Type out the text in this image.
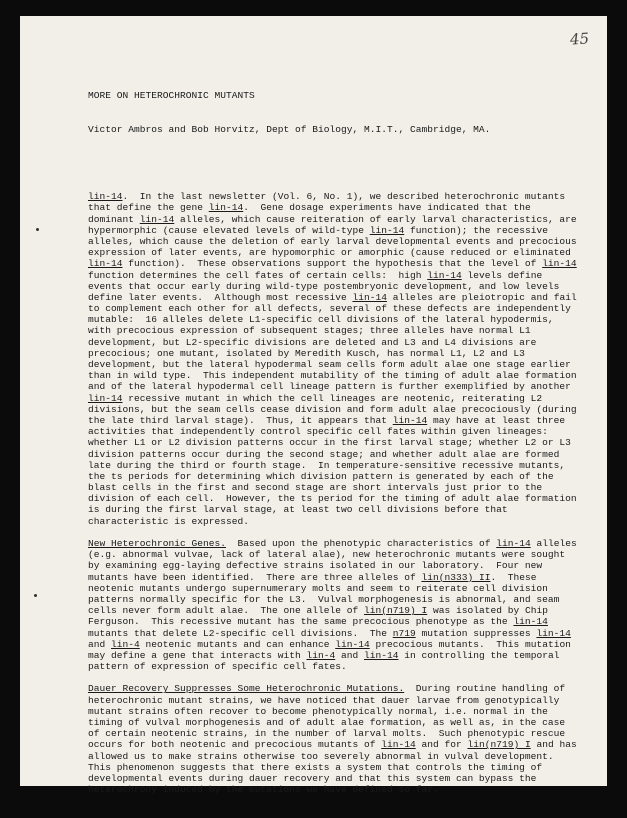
45

MORE ON HETEROCHRONIC MUTANTS

Victor Ambros and Bob Horvitz, Dept of Biology, M.I.T., Cambridge, MA.

lin-14.  In the last newsletter (Vol. 6, No. 1), we described heterochronic mutants
that define the gene lin-14.  Gene dosage experiments have indicated that the
dominant lin-14 alleles, which cause reiteration of early larval characteristics, are
hypermorphic (cause elevated levels of wild-type lin-14 function); the recessive
alleles, which cause the deletion of early larval developmental events and precocious
expression of later events, are hypomorphic or amorphic (cause reduced or eliminated
lin-14 function).  These observations support the hypothesis that the level of lin-14
function determines the cell fates of certain cells:  high lin-14 levels define
events that occur early during wild-type postembryonic development, and low levels
define later events.  Although most recessive lin-14 alleles are pleiotropic and fail
to complement each other for all defects, several of these defects are independently
mutable:  16 alleles delete L1-specific cell divisions of the lateral hypodermis,
with precocious expression of subsequent stages; three alleles have normal L1
development, but L2-specific divisions are deleted and L3 and L4 divisions are
precocious; one mutant, isolated by Meredith Kusch, has normal L1, L2 and L3
development, but the lateral hypodermal seam cells form adult alae one stage earlier
than in wild type.  This independent mutability of the timing of adult alae formation
and of the lateral hypodermal cell lineage pattern is further exemplified by another
lin-14 recessive mutant in which the cell lineages are neotenic, reiterating L2
divisions, but the seam cells cease division and form adult alae precociously (during
the late third larval stage).  Thus, it appears that lin-14 may have at least three
activities that independently control specific cell fates within given lineages:
whether L1 or L2 division patterns occur in the first larval stage; whether L2 or L3
division patterns occur during the second stage; and whether adult alae are formed
late during the third or fourth stage.  In temperature-sensitive recessive mutants,
the ts periods for determining which division pattern is generated by each of the
blast cells in the first and second stage are short intervals just prior to the
division of each cell.  However, the ts period for the timing of adult alae formation
is during the first larval stage, at least two cell divisions before that
characteristic is expressed.
New Heterochronic Genes.  Based upon the phenotypic characteristics of lin-14 alleles
(e.g. abnormal vulvae, lack of lateral alae), new heterochronic mutants were sought
by examining egg-laying defective strains isolated in our laboratory.  Four new
mutants have been identified.  There are three alleles of lin(n333) II.  These
neotenic mutants undergo supernumerary molts and seem to reiterate cell division
patterns normally specific for the L3.  Vulval morphogenesis is abnormal, and seam
cells never form adult alae.  The one allele of lin(n719) I was isolated by Chip
Ferguson.  This recessive mutant has the same precocious phenotype as the lin-14
mutants that delete L2-specific cell divisions.  The n719 mutation suppresses lin-14
and lin-4 neotenic mutants and can enhance lin-14 precocious mutants.  This mutation
may define a gene that interacts with lin-4 and lin-14 in controlling the temporal
pattern of expression of specific cell fates.
Dauer Recovery Suppresses Some Heterochronic Mutations.  During routine handling of
heterochronic mutant strains, we have noticed that dauer larvae from genotypically
mutant strains often recover to become phenotypically normal, i.e. normal in the
timing of vulval morphogenesis and of adult alae formation, as well as, in the case
of certain neotenic strains, in the number of larval molts.  Such phenotypic rescue
occurs for both neotenic and precocious mutants of lin-14 and for lin(n719) I and has
allowed us to make strains otherwise too severely abnormal in vulval development.
This phenomenon suggests that there exists a system that controls the timing of
developmental events during dauer recovery and that this system can bypass the
heterochrony induced by the mutations we have defined so far.
